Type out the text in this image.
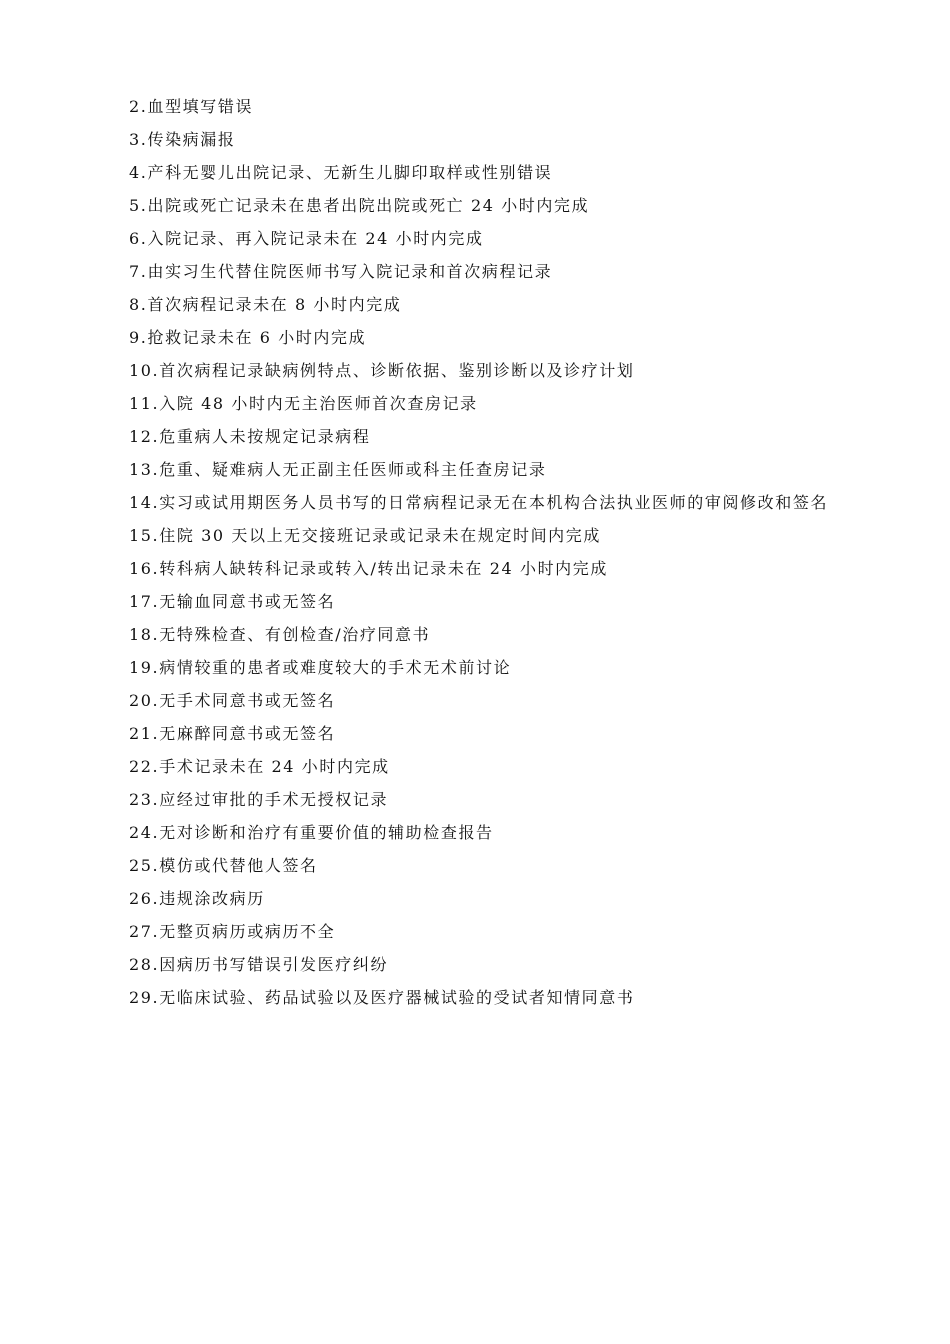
2.血型填写错误
3.传染病漏报
4.产科无婴儿出院记录、无新生儿脚印取样或性别错误
5.出院或死亡记录未在患者出院出院或死亡 24 小时内完成
6.入院记录、再入院记录未在 24 小时内完成
7.由实习生代替住院医师书写入院记录和首次病程记录
8.首次病程记录未在 8 小时内完成
9.抢救记录未在 6 小时内完成
10.首次病程记录缺病例特点、诊断依据、鉴别诊断以及诊疗计划
11.入院 48 小时内无主治医师首次查房记录
12.危重病人未按规定记录病程
13.危重、疑难病人无正副主任医师或科主任查房记录
14.实习或试用期医务人员书写的日常病程记录无在本机构合法执业医师的审阅修改和签名
15.住院 30 天以上无交接班记录或记录未在规定时间内完成
16.转科病人缺转科记录或转入/转出记录未在 24 小时内完成
17.无输血同意书或无签名
18.无特殊检查、有创检查/治疗同意书
19.病情较重的患者或难度较大的手术无术前讨论
20.无手术同意书或无签名
21.无麻醉同意书或无签名
22.手术记录未在 24 小时内完成
23.应经过审批的手术无授权记录
24.无对诊断和治疗有重要价值的辅助检查报告
25.模仿或代替他人签名
26.违规涂改病历
27.无整页病历或病历不全
28.因病历书写错误引发医疗纠纷
29.无临床试验、药品试验以及医疗器械试验的受试者知情同意书
